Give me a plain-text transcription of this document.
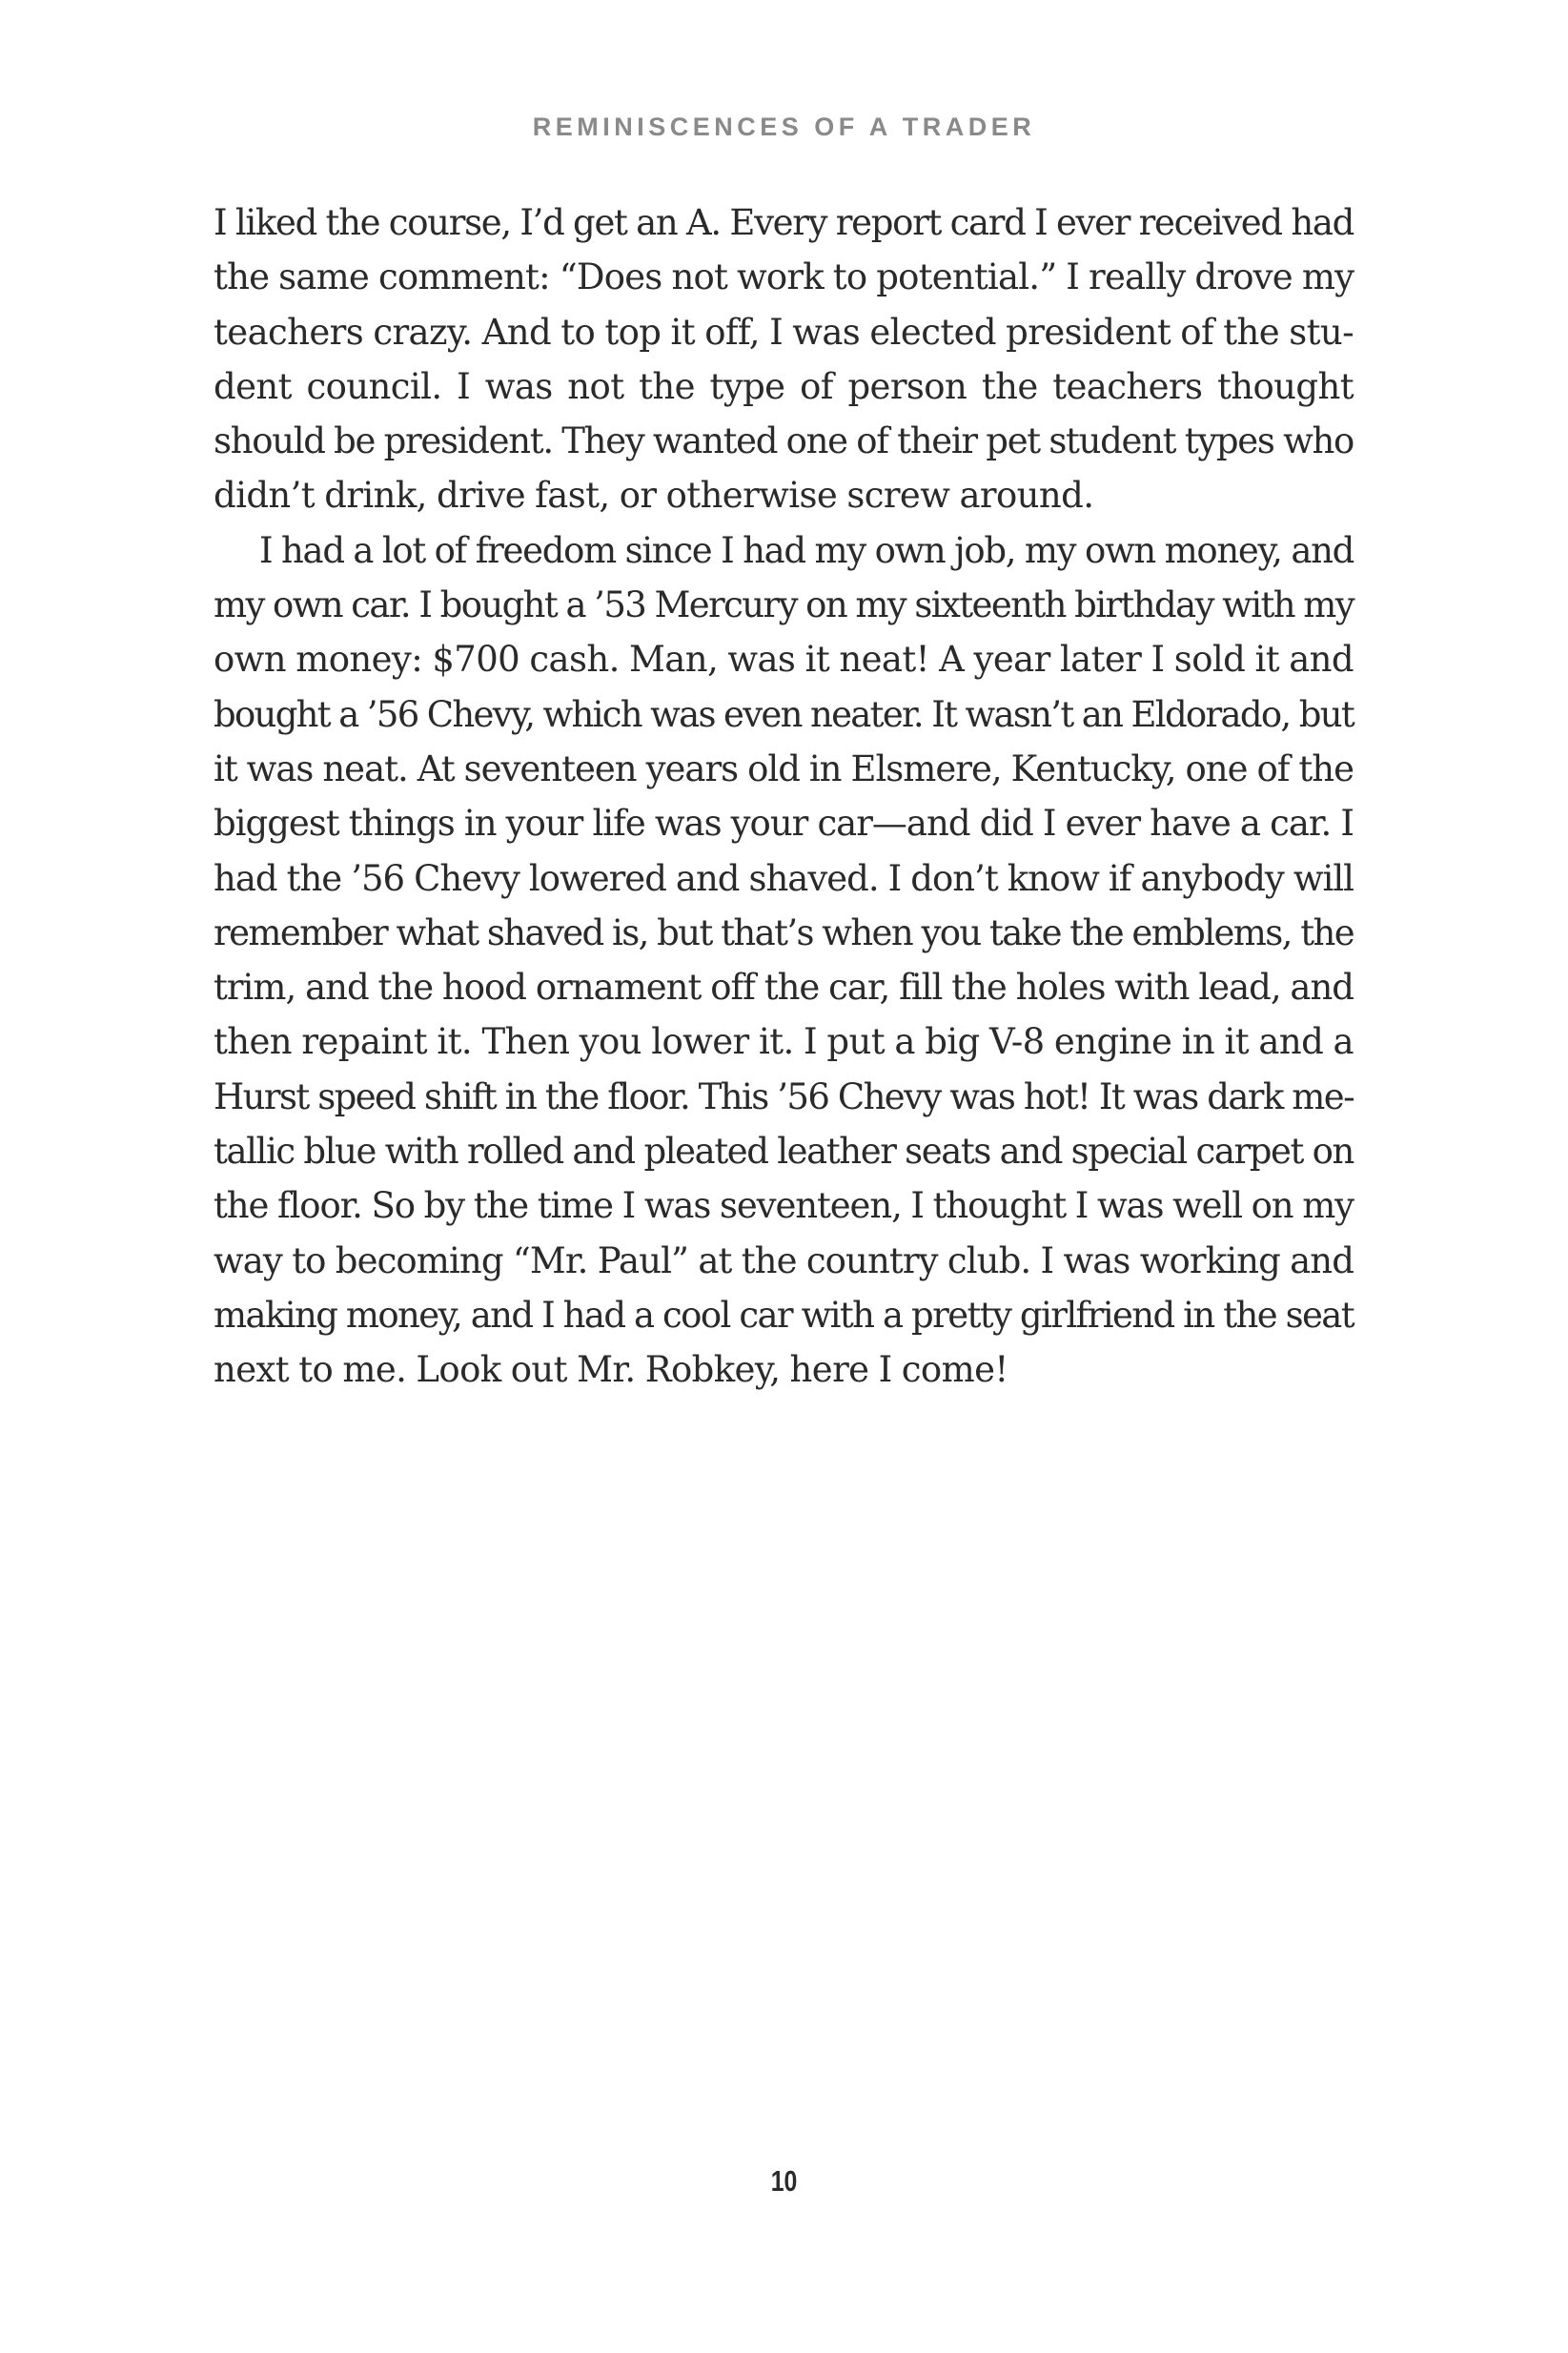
REMINISCENCES OF A TRADER
I liked the course, I’d get an A. Every report card I ever received had
the same comment: “Does not work to potential.” I really drove my
teachers crazy. And to top it off, I was elected president of the stu-
dent council. I was not the type of person the teachers thought
should be president. They wanted one of their pet student types who
didn’t drink, drive fast, or otherwise screw around.
I had a lot of freedom since I had my own job, my own money, and
my own car. I bought a ’53 Mercury on my sixteenth birthday with my
own money: $700 cash. Man, was it neat! A year later I sold it and
bought a ’56 Chevy, which was even neater. It wasn’t an Eldorado, but
it was neat. At seventeen years old in Elsmere, Kentucky, one of the
biggest things in your life was your car—and did I ever have a car. I
had the ’56 Chevy lowered and shaved. I don’t know if anybody will
remember what shaved is, but that’s when you take the emblems, the
trim, and the hood ornament off the car, fill the holes with lead, and
then repaint it. Then you lower it. I put a big V-8 engine in it and a
Hurst speed shift in the floor. This ’56 Chevy was hot! It was dark me-
tallic blue with rolled and pleated leather seats and special carpet on
the floor. So by the time I was seventeen, I thought I was well on my
way to becoming “Mr. Paul” at the country club. I was working and
making money, and I had a cool car with a pretty girlfriend in the seat
next to me. Look out Mr. Robkey, here I come!
10
